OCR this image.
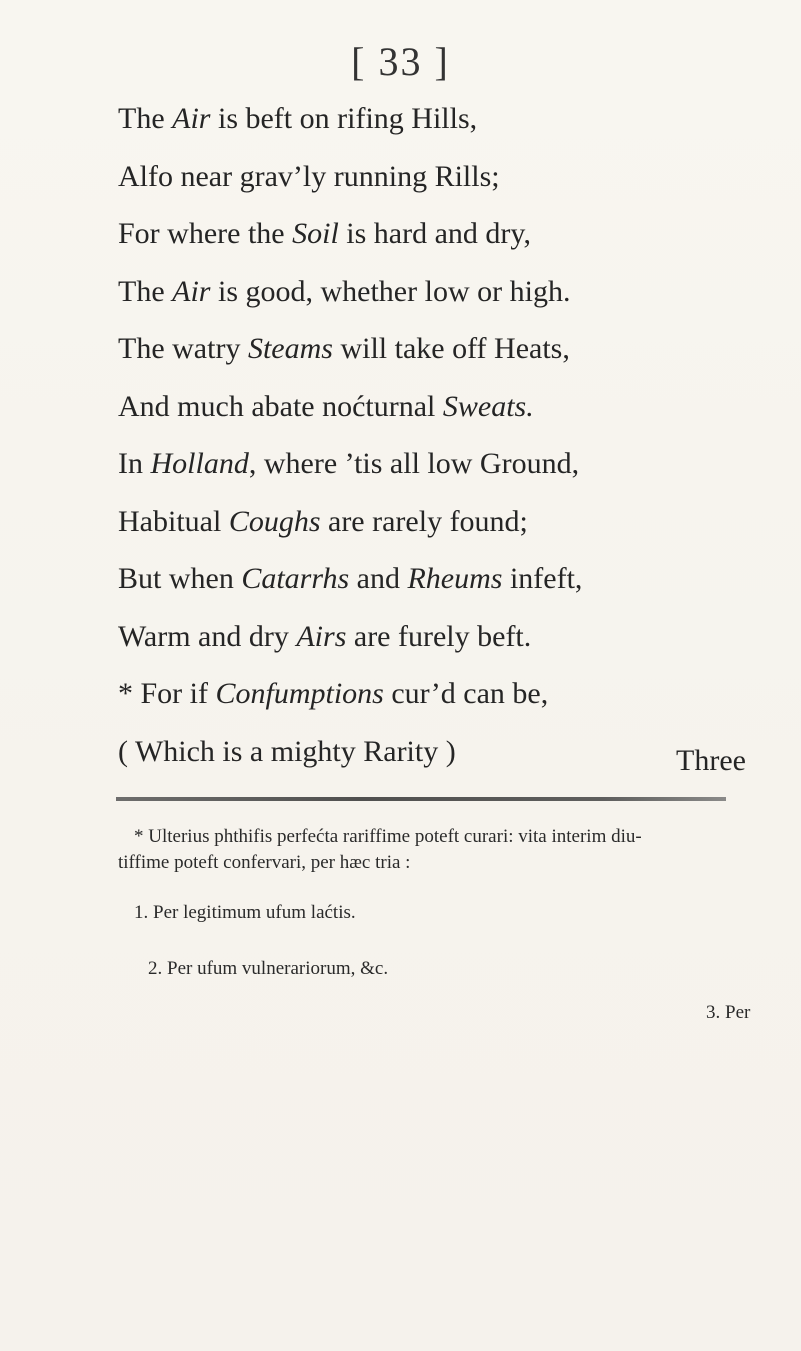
[ 33 ]
The Air is beft on rifing Hills,
Alfo near grav’ly running Rills;
For where the Soil is hard and dry,
The Air is good, whether low or high.
The watry Steams will take off Heats,
And much abate noćturnal Sweats.
In Holland, where ’tis all low Ground,
Habitual Coughs are rarely found;
But when Catarrhs and Rheums infeft,
Warm and dry Airs are furely beft.
* For if Confumptions cur’d can be,
( Which is a mighty Rarity )	Three
* Ulterius phthifis perfećta rariffime poteft curari: vita interim diu-
tiffime poteft confervari, per hæc tria :
1. Per legitimum ufum laćtis.
2. Per ufum vulnerariorum, &c.
3. Per
